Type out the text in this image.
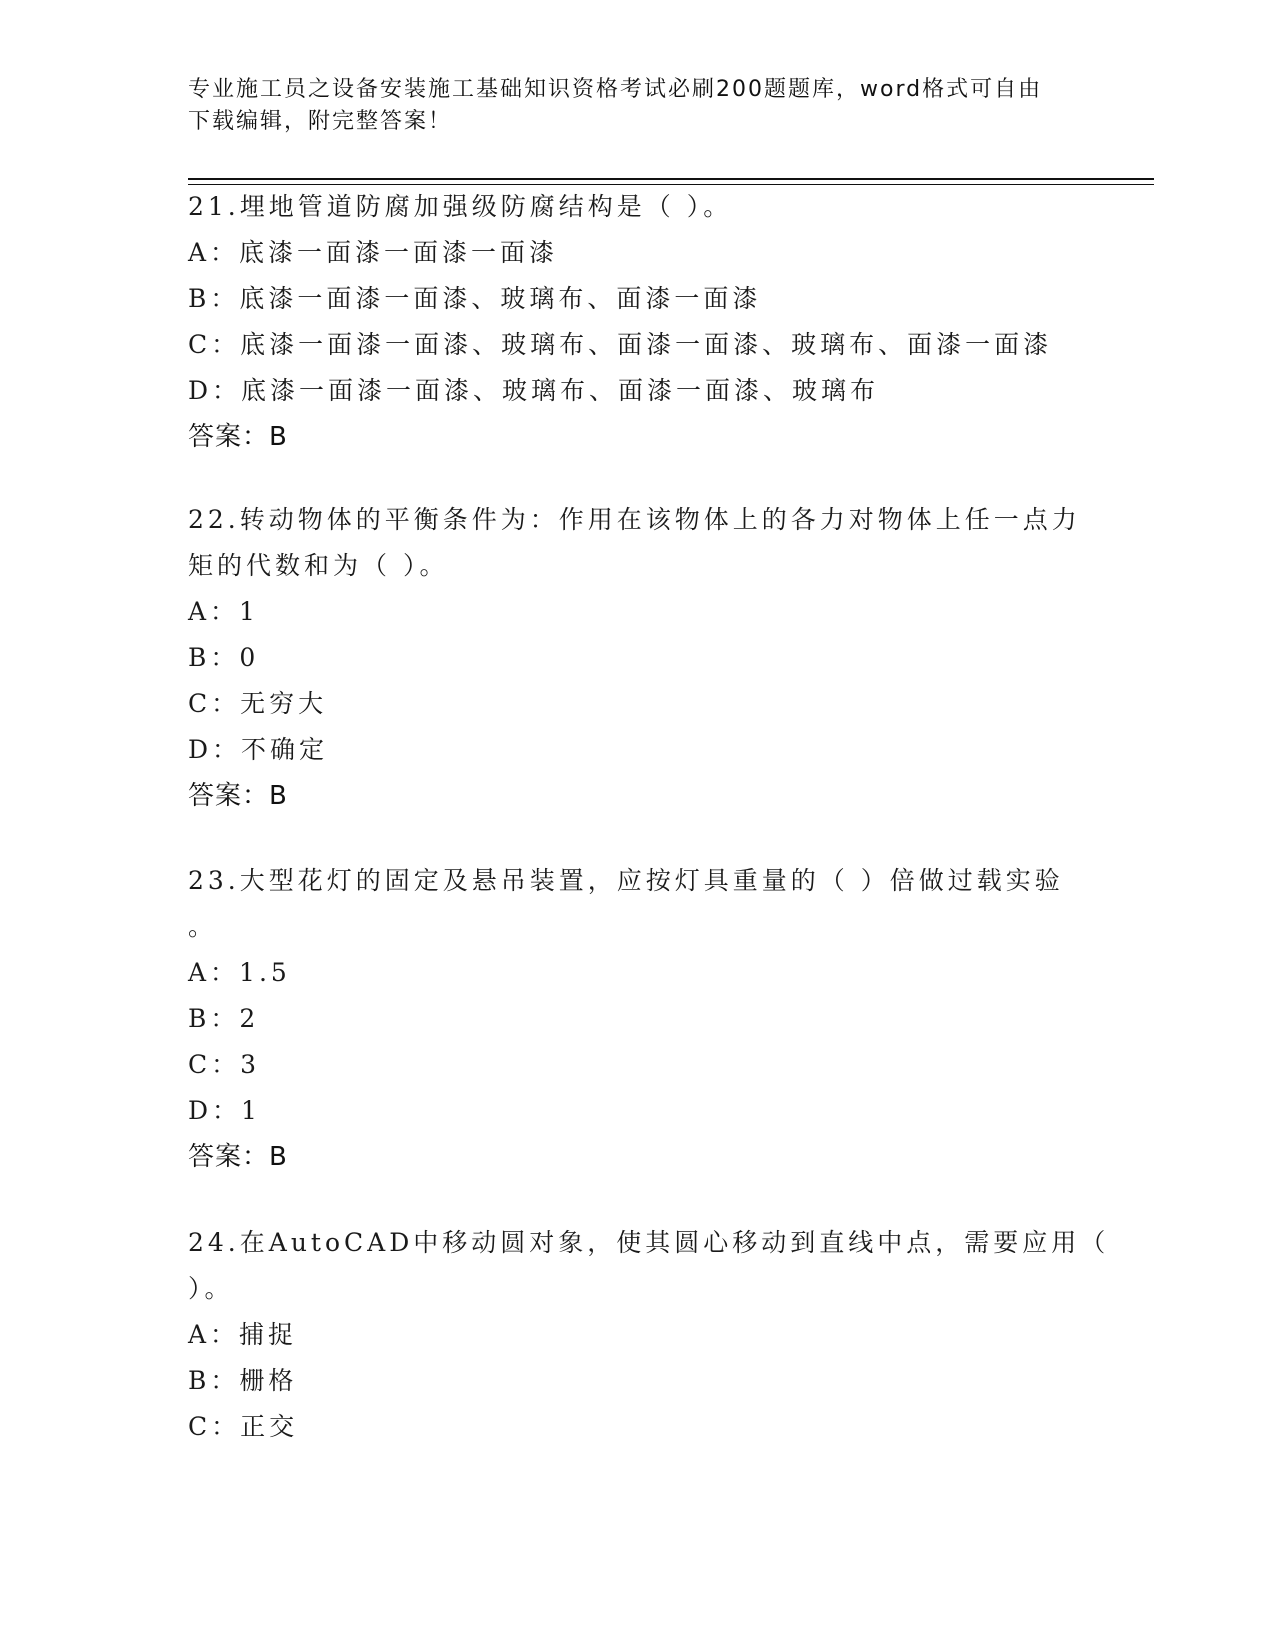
专业施工员之设备安装施工基础知识资格考试必刷200题题库，word格式可自由
下载编辑，附完整答案！
21.埋地管道防腐加强级防腐结构是（ ）。
A：底漆一面漆一面漆一面漆
B：底漆一面漆一面漆、玻璃布、面漆一面漆
C：底漆一面漆一面漆、玻璃布、面漆一面漆、玻璃布、面漆一面漆
D：底漆一面漆一面漆、玻璃布、面漆一面漆、玻璃布
答案：B
22.转动物体的平衡条件为：作用在该物体上的各力对物体上任一点力
矩的代数和为（ ）。
A：1
B：0
C：无穷大
D：不确定
答案：B
23.大型花灯的固定及悬吊装置，应按灯具重量的（ ）倍做过载实验
。
A：1.5
B：2
C：3
D：1
答案：B
24.在AutoCAD中移动圆对象，使其圆心移动到直线中点，需要应用（
）。
A：捕捉
B：栅格
C：正交
